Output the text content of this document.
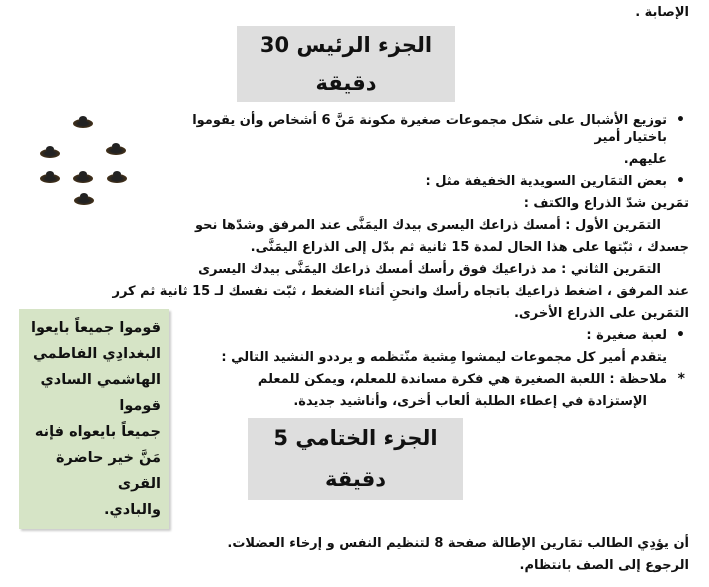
الإصابة .
الجزء الرئيس 30 دقيقة
• توزيع الأشبال على شكل مجموعات صغيرة مكونة مَنَّ 6 أشخاص وأن يقوموا باختيار أمير
عليهم.
• بعض التمَارين السويدية الخفيفة مثل :
تمَرين شدّ الذراع والكتف :
التمَرين الأول : أمسك ذراعك اليسرى بيدك اليمَنَّى عند المرفق وشدّها نحو
جسدك ، ثبّتها على هذا الحال لمدة 15 ثانية ثم بدّل إلى الذراع اليمَنَّى.
التمَرين الثاني : مد ذراعيك فوق رأسك أمسك ذراعك اليمَنَّى بيدك اليسرى
عند المرفق ، اضغط ذراعيك باتجاه رأسك وانحنِ أثناء الضغط ، ثبّت نفسك لـ 15 ثانية ثم كرر
قوموا جميعاً بايعوا
البغدادِي الفاطمي
الهاشمي السادي قوموا
جميعاً بايعواه فإنه
مَنَّ خير حاضرة القرى
والبادي.
التمَرين على الذراع الأخرى.
• لعبة صغيرة :
يتقدم أمير كل مجموعات ليمشوا مِشية منّتظمه و يرددو النشيد التالي :
* ملاحظة : اللعبة الصغيرة هي فكرة مساندة للمعلم، ويمكن للمعلم
الإستزادة في إعطاء الطلبة ألعاب أخرى، وأناشيد جديدة.
الجزء الختامي 5 دقيقة
أن يؤدِي الطالب تمَارين الإطالة صفحة 8 لتنظيم النفس و إرخاء العضلات.
الرجوع إلى الصف بانتظام.
